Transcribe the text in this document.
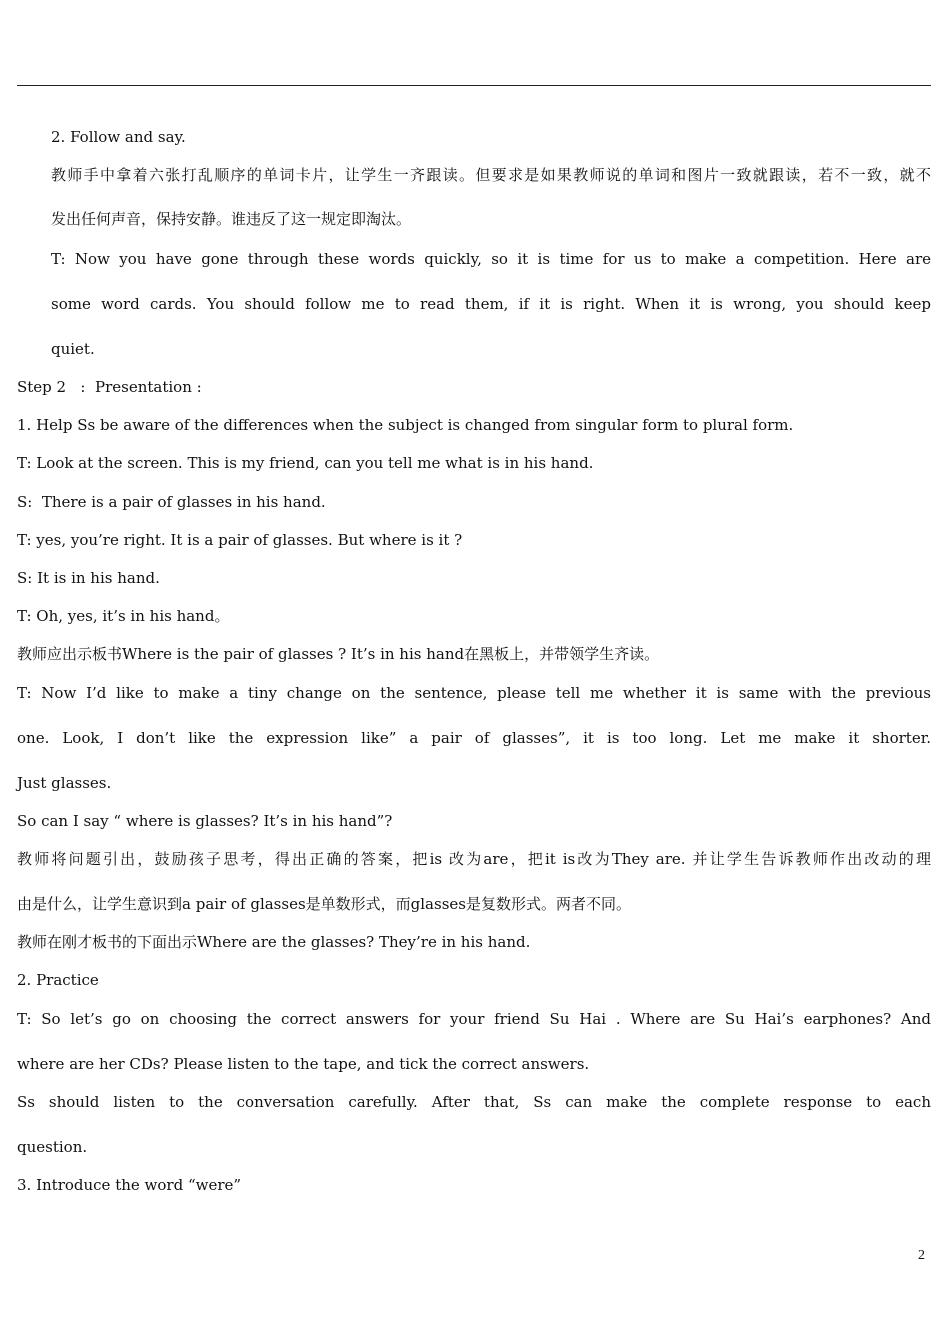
2. Follow and say.
教师手中拿着六张打乱顺序的单词卡片，让学生一齐跟读。但要求是如果教师说的单词和图片一致就跟读，若不一致，就不
发出任何声音，保持安静。谁违反了这一规定即淘汰。
T: Now you have gone through these words quickly, so it is time for us to make a competition. Here are
some word cards. You should follow me to read them, if it is right. When it is wrong, you should keep
quiet.
Step 2   :  Presentation :
1. Help Ss be aware of the differences when the subject is changed from singular form to plural form.
T: Look at the screen. This is my friend, can you tell me what is in his hand.
S:  There is a pair of glasses in his hand.
T: yes, you’re right. It is a pair of glasses. But where is it ?
S: It is in his hand.
T: Oh, yes, it’s in his hand。
教师应出示板书Where is the pair of glasses ? It’s in his hand在黑板上，并带领学生齐读。
T: Now I’d like to make a tiny change on the sentence, please tell me whether it is same with the previous
one. Look, I don’t like the expression like” a pair of glasses”, it is too long. Let me make it shorter.
Just glasses.
So can I say “ where is glasses? It’s in his hand”?
教师将问题引出，鼓励孩子思考，得出正确的答案，把is 改为are，把it is改为They are. 并让学生告诉教师作出改动的理
由是什么，让学生意识到a pair of glasses是单数形式，而glasses是复数形式。两者不同。
教师在刚才板书的下面出示Where are the glasses? They’re in his hand.
2. Practice
T: So let’s go on choosing the correct answers for your friend Su Hai . Where are Su Hai’s earphones? And
where are her CDs? Please listen to the tape, and tick the correct answers.
Ss should listen to the conversation carefully. After that, Ss can make the complete response to each
question.
3. Introduce the word “were”
2
